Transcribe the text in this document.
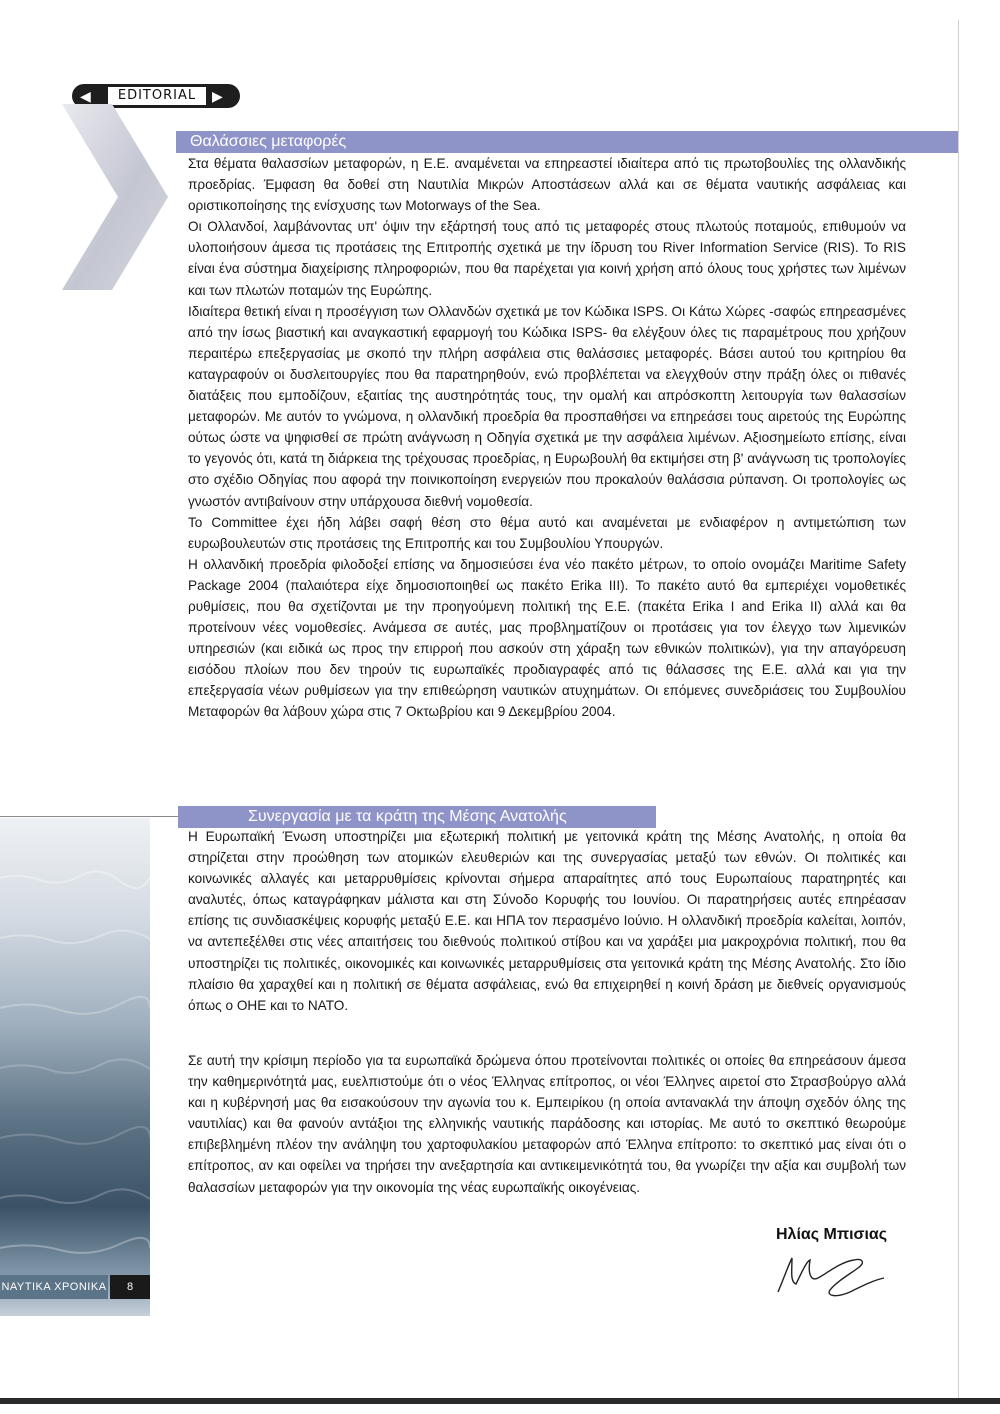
◀	EDITORIAL	▶
Θαλάσσιες μεταφορές

Στα θέματα θαλασσίων μεταφορών, η Ε.Ε. αναμένεται να επηρεαστεί ιδιαίτερα από τις πρωτοβουλίες της ολλανδικής προεδρίας. Έμφαση θα δοθεί στη Ναυτιλία Μικρών Αποστάσεων αλλά και σε θέματα ναυτικής ασφάλειας και οριστικοποίησης της ενίσχυσης των Motorways of the Sea.

Οι Ολλανδοί, λαμβάνοντας υπ' όψιν την εξάρτησή τους από τις μεταφορές στους πλωτούς ποταμούς, επιθυμούν να υλοποιήσουν άμεσα τις προτάσεις της Επιτροπής σχετικά με την ίδρυση του River Information Service (RIS). Το RIS είναι ένα σύστημα διαχείρισης πληροφοριών, που θα παρέχεται για κοινή χρήση από όλους τους χρήστες των λιμένων και των πλωτών ποταμών της Ευρώπης.

Ιδιαίτερα θετική είναι η προσέγγιση των Ολλανδών σχετικά με τον Κώδικα ISPS. Οι Κάτω Χώρες -σαφώς επηρεασμένες από την ίσως βιαστική και αναγκαστική εφαρμογή του Κώδικα ISPS- θα ελέγξουν όλες τις παραμέτρους που χρήζουν περαιτέρω επεξεργασίας με σκοπό την πλήρη ασφάλεια στις θαλάσσιες μεταφορές. Βάσει αυτού του κριτηρίου θα καταγραφούν οι δυσλειτουργίες που θα παρατηρηθούν, ενώ προβλέπεται να ελεγχθούν στην πράξη όλες οι πιθανές διατάξεις που εμποδίζουν, εξαιτίας της αυστηρότητάς τους, την ομαλή και απρόσκοπτη λειτουργία των θαλασσίων μεταφορών. Με αυτόν το γνώμονα, η ολλανδική προεδρία θα προσπαθήσει να επηρεάσει τους αιρετούς της Ευρώπης ούτως ώστε να ψηφισθεί σε πρώτη ανάγνωση η Οδηγία σχετικά με την ασφάλεια λιμένων. Αξιοσημείωτο επίσης, είναι το γεγονός ότι, κατά τη διάρκεια της τρέχουσας προεδρίας, η Ευρωβουλή θα εκτιμήσει στη β' ανάγνωση τις τροπολογίες στο σχέδιο Οδηγίας που αφορά την ποινικοποίηση ενεργειών που προκαλούν θαλάσσια ρύπανση. Οι τροπολογίες ως γνωστόν αντιβαίνουν στην υπάρχουσα διεθνή νομοθεσία.

Το Committee έχει ήδη λάβει σαφή θέση στο θέμα αυτό και αναμένεται με ενδιαφέρον η αντιμετώπιση των ευρωβουλευτών στις προτάσεις της Επιτροπής και του Συμβουλίου Υπουργών.

Η ολλανδική προεδρία φιλοδοξεί επίσης να δημοσιεύσει ένα νέο πακέτο μέτρων, το οποίο ονομάζει Maritime Safety Package 2004 (παλαιότερα είχε δημοσιοποιηθεί ως πακέτο Erika III). Το πακέτο αυτό θα εμπεριέχει νομοθετικές ρυθμίσεις, που θα σχετίζονται με την προηγούμενη πολιτική της Ε.Ε. (πακέτα Erika I and Erika II) αλλά και θα προτείνουν νέες νομοθεσίες. Ανάμεσα σε αυτές, μας προβληματίζουν οι προτάσεις για τον έλεγχο των λιμενικών υπηρεσιών (και ειδικά ως προς την επιρροή που ασκούν στη χάραξη των εθνικών πολιτικών), για την απαγόρευση εισόδου πλοίων που δεν τηρούν τις ευρωπαϊκές προδιαγραφές από τις θάλασσες της Ε.Ε. αλλά και για την επεξεργασία νέων ρυθμίσεων για την επιθεώρηση ναυτικών ατυχημάτων. Οι επόμενες συνεδριάσεις του Συμβουλίου Μεταφορών θα λάβουν χώρα στις 7 Οκτωβρίου και 9 Δεκεμβρίου 2004.

Συνεργασία με τα κράτη της Μέσης Ανατολής

Η Ευρωπαϊκή Ένωση υποστηρίζει μια εξωτερική πολιτική με γειτονικά κράτη της Μέσης Ανατολής, η οποία θα στηρίζεται στην προώθηση των ατομικών ελευθεριών και της συνεργασίας μεταξύ των εθνών. Οι πολιτικές και κοινωνικές αλλαγές και μεταρρυθμίσεις κρίνονται σήμερα απαραίτητες από τους Ευρωπαίους παρατηρητές και αναλυτές, όπως καταγράφηκαν μάλιστα και στη Σύνοδο Κορυφής του Ιουνίου. Οι παρατηρήσεις αυτές επηρέασαν επίσης τις συνδιασκέψεις κορυφής μεταξύ Ε.Ε. και ΗΠΑ τον περασμένο Ιούνιο. Η ολλανδική προεδρία καλείται, λοιπόν, να αντεπεξέλθει στις νέες απαιτήσεις του διεθνούς πολιτικού στίβου και να χαράξει μια μακροχρόνια πολιτική, που θα υποστηρίζει τις πολιτικές, οικονομικές και κοινωνικές μεταρρυθμίσεις στα γειτονικά κράτη της Μέσης Ανατολής. Στο ίδιο πλαίσιο θα χαραχθεί και η πολιτική σε θέματα ασφάλειας, ενώ θα επιχειρηθεί η κοινή δράση με διεθνείς οργανισμούς όπως ο ΟΗΕ και το ΝΑΤΟ.

Σε αυτή την κρίσιμη περίοδο για τα ευρωπαϊκά δρώμενα όπου προτείνονται πολιτικές οι οποίες θα επηρεάσουν άμεσα την καθημερινότητά μας, ευελπιστούμε ότι ο νέος Έλληνας επίτροπος, οι νέοι Έλληνες αιρετοί στο Στρασβούργο αλλά και η κυβέρνησή μας θα εισακούσουν την αγωνία του κ. Εμπειρίκου (η οποία αντανακλά την άποψη σχεδόν όλης της ναυτιλίας) και θα φανούν αντάξιοι της ελληνικής ναυτικής παράδοσης και ιστορίας. Με αυτό το σκεπτικό θεωρούμε επιβεβλημένη πλέον την ανάληψη του χαρτοφυλακίου μεταφορών από Έλληνα επίτροπο: το σκεπτικό μας είναι ότι ο επίτροπος, αν και οφείλει να τηρήσει την ανεξαρτησία και αντικειμενικότητά του, θα γνωρίζει την αξία και συμβολή των θαλασσίων μεταφορών για την οικονομία της νέας ευρωπαϊκής οικογένειας.

Ηλίας Μπισιας
ΝΑΥΤΙΚΑ ΧΡΟΝΙΚΑ	8
